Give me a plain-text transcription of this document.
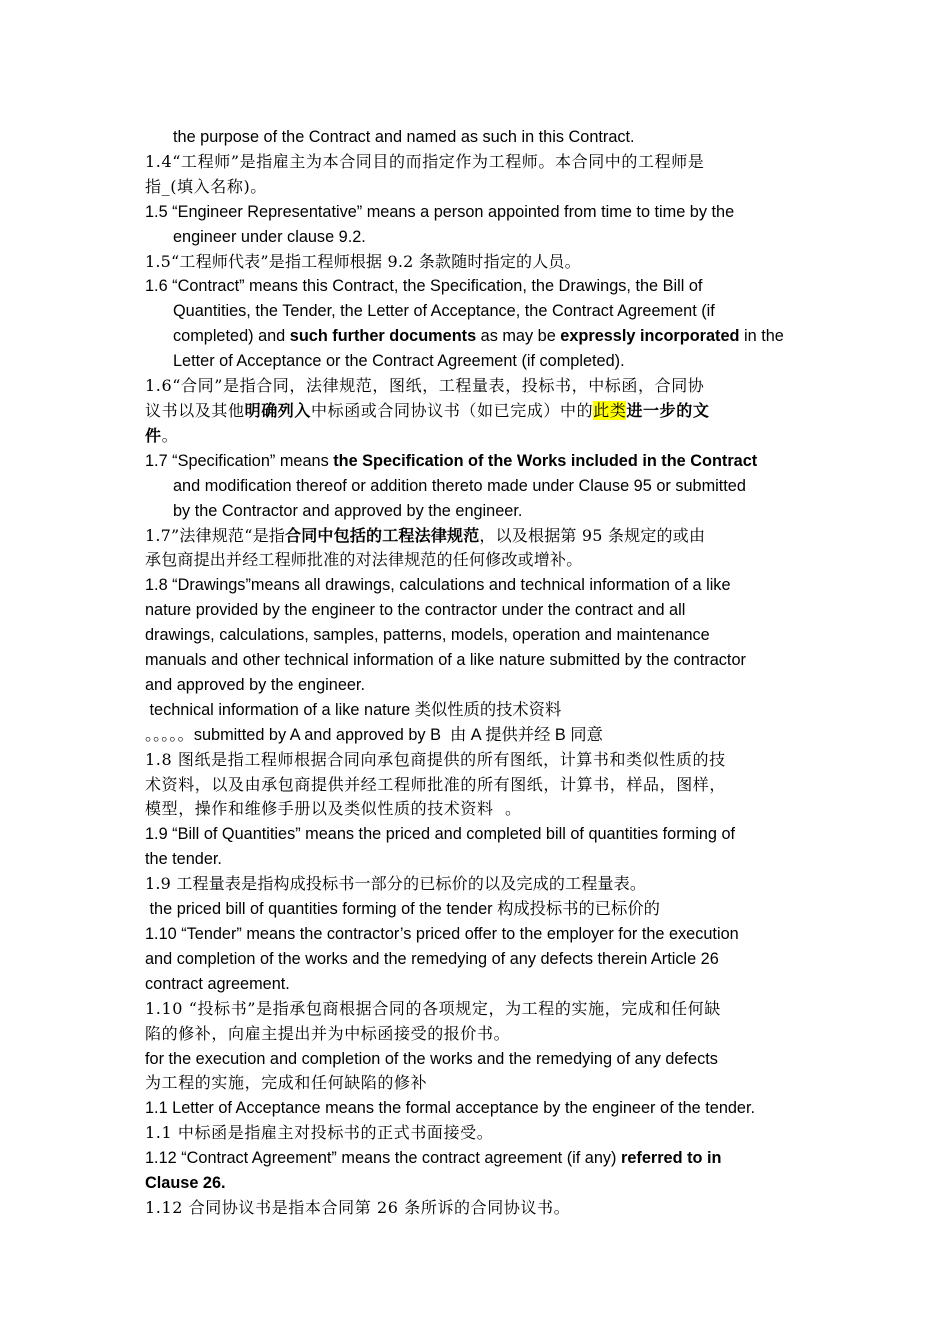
the purpose of the Contract and named as such in this Contract.
1.4“工程师”是指雇主为本合同目的而指定作为工程师。本合同中的工程师是
指_(填入名称)。
1.5 “Engineer Representative” means a person appointed from time to time by the
engineer under clause 9.2.
1.5“工程师代表”是指工程师根据 9.2 条款随时指定的人员。
1.6 “Contract” means this Contract, the Specification, the Drawings, the Bill of
Quantities, the Tender, the Letter of Acceptance, the Contract Agreement (if
completed) and such further documents as may be expressly incorporated in the
Letter of Acceptance or the Contract Agreement (if completed).
1.6“合同”是指合同，法律规范，图纸，工程量表，投标书，中标函，合同协
议书以及其他明确列入中标函或合同协议书（如已完成）中的此类进一步的文
件。
1.7 “Specification” means the Specification of the Works included in the Contract
and modification thereof or addition thereto made under Clause 95 or submitted
by the Contractor and approved by the engineer.
1.7”法律规范“是指合同中包括的工程法律规范，以及根据第 95 条规定的或由
承包商提出并经工程师批准的对法律规范的任何修改或增补。
1.8 “Drawings”means all drawings, calculations and technical information of a like
nature provided by the engineer to the contractor under the contract and all
drawings, calculations, samples, patterns, models, operation and maintenance
manuals and other technical information of a like nature submitted by the contractor
and approved by the engineer.
technical information of a like nature 类似性质的技术资料
。。。。。submitted by A and approved by B  由 A 提供并经 B 同意
1.8 图纸是指工程师根据合同向承包商提供的所有图纸，计算书和类似性质的技
术资料，以及由承包商提供并经工程师批准的所有图纸，计算书，样品，图样，
模型，操作和维修手册以及类似性质的技术资料  。
1.9 “Bill of Quantities” means the priced and completed bill of quantities forming of
the tender.
1.9 工程量表是指构成投标书一部分的已标价的以及完成的工程量表。
the priced bill of quantities forming of the tender 构成投标书的已标价的
1.10 “Tender” means the contractor’s priced offer to the employer for the execution
and completion of the works and the remedying of any defects therein Article 26
contract agreement.
1.10 “投标书”是指承包商根据合同的各项规定，为工程的实施，完成和任何缺
陷的修补，向雇主提出并为中标函接受的报价书。
for the execution and completion of the works and the remedying of any defects
为工程的实施，完成和任何缺陷的修补
1.1 Letter of Acceptance means the formal acceptance by the engineer of the tender.
1.1 中标函是指雇主对投标书的正式书面接受。
1.12 “Contract Agreement” means the contract agreement (if any) referred to in
Clause 26.
1.12 合同协议书是指本合同第 26 条所诉的合同协议书。
